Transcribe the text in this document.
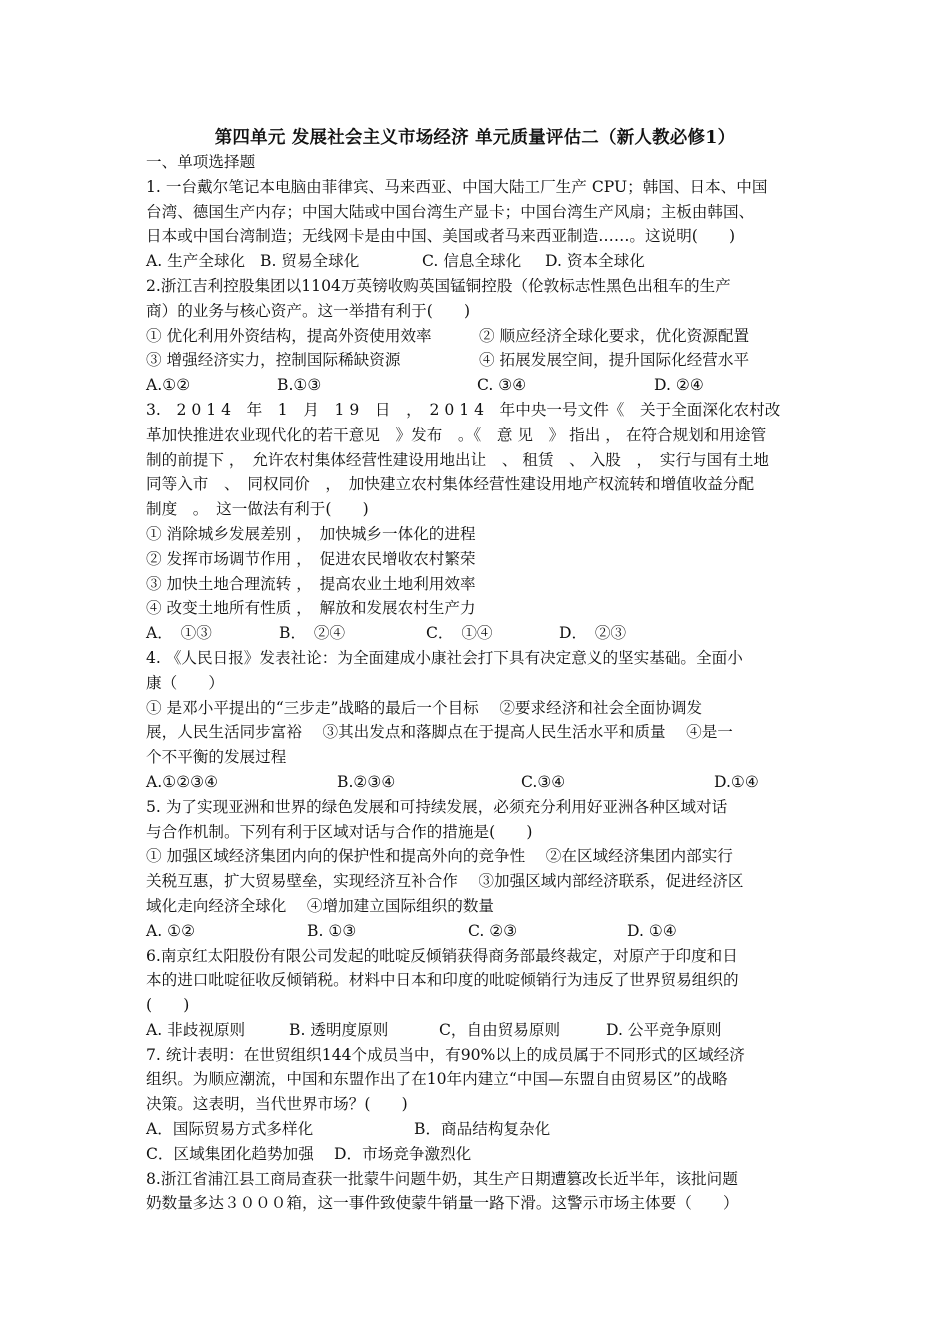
第四单元 发展社会主义市场经济 单元质量评估二（新人教必修1）
一、单项选择题
1. 一台戴尔笔记本电脑由菲律宾、马来西亚、中国大陆工厂生产 CPU；韩国、日本、中国
台湾、德国生产内存；中国大陆或中国台湾生产显卡；中国台湾生产风扇；主板由韩国、
日本或中国台湾制造；无线网卡是由中国、美国或者马来西亚制造……。这说明(　　)
A. 生产全球化 B. 贸易全球化	C. 信息全球化	D. 资本全球化
2.浙江吉利控股集团以1104万英镑收购英国锰铜控股（伦敦标志性黑色出租车的生产
商）的业务与核心资产。这一举措有利于(　　)
① 优化利用外资结构，提高外资使用效率	② 顺应经济全球化要求，优化资源配置
③ 增强经济实力，控制国际稀缺资源	④ 拓展发展空间，提升国际化经营水平
A.①②	B.①③	C. ③④	D. ②④
3.　2 0 1 4　年　1　月　1 9　日　，　2 0 1 4　年中央一号文件《　关于全面深化农村改
革加快推进农业现代化的若干意见　》发布　。《　意 见　》 指出 ， 在符合规划和用途管
制的前提下 ，　允许农村集体经营性建设用地出让　、 租赁　、 入股　，　实行与国有土地
同等入市　、　同权同价　，　加快建立农村集体经营性建设用地产权流转和增值收益分配
制度　。　这一做法有利于(　　)
① 消除城乡发展差别 ，　加快城乡一体化的进程
② 发挥市场调节作用 ，　促进农民增收农村繁荣
③ 加快土地合理流转 ，　提高农业土地利用效率
④ 改变土地所有性质 ，　解放和发展农村生产力
A．　①③	B．　②④	C．　①④	D．　②③
4. 《人民日报》发表社论：为全面建成小康社会打下具有决定意义的坚实基础。全面小
康（　　）
① 是邓小平提出的“三步走”战略的最后一个目标　 ②要求经济和社会全面协调发
展，人民生活同步富裕　 ③其出发点和落脚点在于提高人民生活水平和质量　 ④是一
个不平衡的发展过程
A.①②③④	B.②③④	C.③④	D.①④
5. 为了实现亚洲和世界的绿色发展和可持续发展，必须充分利用好亚洲各种区域对话
与合作机制。下列有利于区域对话与合作的措施是(　　)
① 加强区域经济集团内向的保护性和提高外向的竞争性　 ②在区域经济集团内部实行
关税互惠，扩大贸易壁垒，实现经济互补合作　 ③加强区域内部经济联系，促进经济区
域化走向经济全球化　 ④增加建立国际组织的数量
A. ①②	B. ①③	C. ②③	D. ①④
6.南京红太阳股份有限公司发起的吡啶反倾销获得商务部最终裁定，对原产于印度和日
本的进口吡啶征收反倾销税。材料中日本和印度的吡啶倾销行为违反了世界贸易组织的
(　　)
A. 非歧视原则	B. 透明度原则	C，自由贸易原则	D. 公平竞争原则
7. 统计表明：在世贸组织144个成员当中，有90%以上的成员属于不同形式的区域经济
组织。为顺应潮流，中国和东盟作出了在10年内建立“中国—东盟自由贸易区”的战略
决策。这表明，当代世界市场？(　　)
A．国际贸易方式多样化	B．商品结构复杂化
C．区域集团化趋势加强	D．市场竞争激烈化
8.浙江省浦江县工商局查获一批蒙牛问题牛奶，其生产日期遭篡改长近半年，该批问题
奶数量多达３０００箱，这一事件致使蒙牛销量一路下滑。这警示市场主体要（　　）
